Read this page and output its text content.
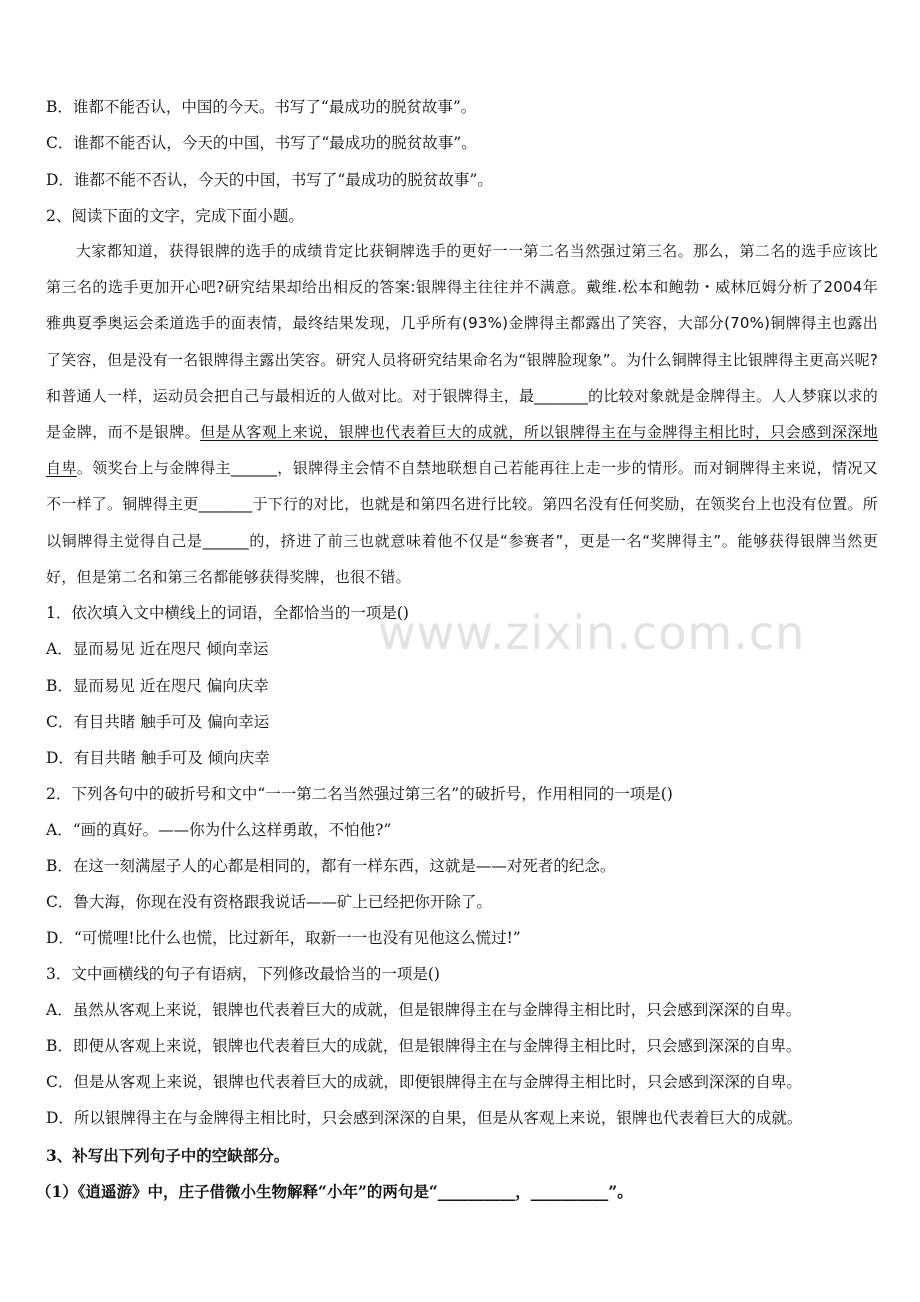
B．谁都不能否认，中国的今天。书写了“最成功的脱贫故事”。
C．谁都不能否认，今天的中国，书写了“最成功的脱贫故事”。
D．谁都不能不否认，今天的中国，书写了“最成功的脱贫故事”。
2、阅读下面的文字，完成下面小题。
大家都知道，获得银牌的选手的成绩肯定比获铜牌选手的更好一一第二名当然强过第三名。那么，第二名的选手应该比第三名的选手更加开心吧?研究结果却给出相反的答案:银牌得主往往并不满意。戴维.松本和鲍勃・威林厄姆分析了2004年雅典夏季奥运会柔道选手的面表情，最终结果发现，几乎所有(93%)金牌得主都露出了笑容，大部分(70%)铜牌得主也露出了笑容，但是没有一名银牌得主露出笑容。研究人员将研究结果命名为“银牌脸现象”。为什么铜牌得主比银牌得主更高兴呢?和普通人一样，运动员会把自己与最相近的人做对比。对于银牌得主，最_______的比较对象就是金牌得主。人人梦寐以求的是金牌，而不是银牌。但是从客观上来说，银牌也代表着巨大的成就，所以银牌得主在与金牌得主相比时，只会感到深深地自卑。领奖台上与金牌得主______，银牌得主会情不自禁地联想自己若能再往上走一步的情形。而对铜牌得主来说，情况又不一样了。铜牌得主更_______于下行的对比，也就是和第四名进行比较。第四名没有任何奖励，在领奖台上也没有位置。所以铜牌得主觉得自己是______的，挤进了前三也就意味着他不仅是“参赛者”，更是一名“奖牌得主”。能够获得银牌当然更好，但是第二名和第三名都能够获得奖牌，也很不错。
1．依次填入文中横线上的词语，全都恰当的一项是()
A．显而易见 近在咫尺 倾向幸运
B．显而易见 近在咫尺 偏向庆幸
C．有目共睹 触手可及 偏向幸运
D．有目共睹 触手可及 倾向庆幸
2．下列各句中的破折号和文中“一一第二名当然强过第三名”的破折号，作用相同的一项是()
A．“画的真好。——你为什么这样勇敢，不怕他?”
B．在这一刻满屋子人的心都是相同的，都有一样东西，这就是——对死者的纪念。
C．鲁大海，你现在没有资格跟我说话——矿上已经把你开除了。
D．“可慌哩!比什么也慌，比过新年，取新一一也没有见他这么慌过!”
3．文中画横线的句子有语病，下列修改最恰当的一项是()
A．虽然从客观上来说，银牌也代表着巨大的成就，但是银牌得主在与金牌得主相比时，只会感到深深的自卑。
B．即便从客观上来说，银牌也代表着巨大的成就，但是银牌得主在与金牌得主相比时，只会感到深深的自卑。
C．但是从客观上来说，银牌也代表着巨大的成就，即便银牌得主在与金牌得主相比时，只会感到深深的自卑。
D．所以银牌得主在与金牌得主相比时，只会感到深深的自果，但是从客观上来说，银牌也代表着巨大的成就。
3、补写出下列句子中的空缺部分。
（1）《逍遥游》中，庄子借微小生物解释“小年”的两句是“__________，__________”。
www.zixin.com.cn
